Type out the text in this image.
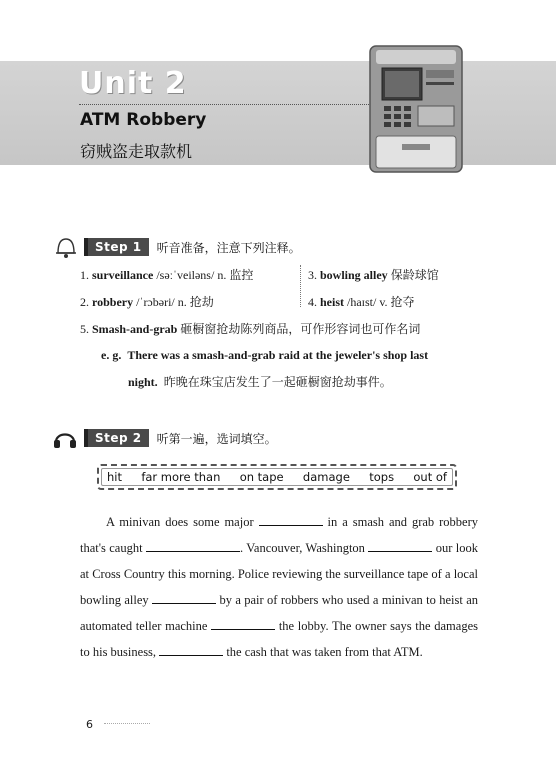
Unit 2
ATM Robbery
窃贼盗走取款机
Step 1	听音准备，注意下列注释。
1. surveillance /səːˈveiləns/ n. 监控	3. bowling alley 保龄球馆
2. robbery /ˈrɔbəri/ n. 抢劫	4. heist /haɪst/ v. 抢夺
5. Smash-and-grab 砸橱窗抢劫陈列商品，可作形容词也可作名词
e. g. There was a smash-and-grab raid at the jeweler's shop last
night. 昨晚在珠宝店发生了一起砸橱窗抢劫事件。
Step 2	听第一遍，选词填空。
hit far more than on tape damage tops out of
A minivan does some major	in a smash and grab robbery that's caught	. Vancouver, Washington	our look at Cross Country this morning. Police reviewing the surveillance tape of a local bowling alley	by a pair of robbers who used a minivan to heist an automated teller machine	the lobby. The owner says the damages to his business,	the cash that was taken from that ATM.
6
